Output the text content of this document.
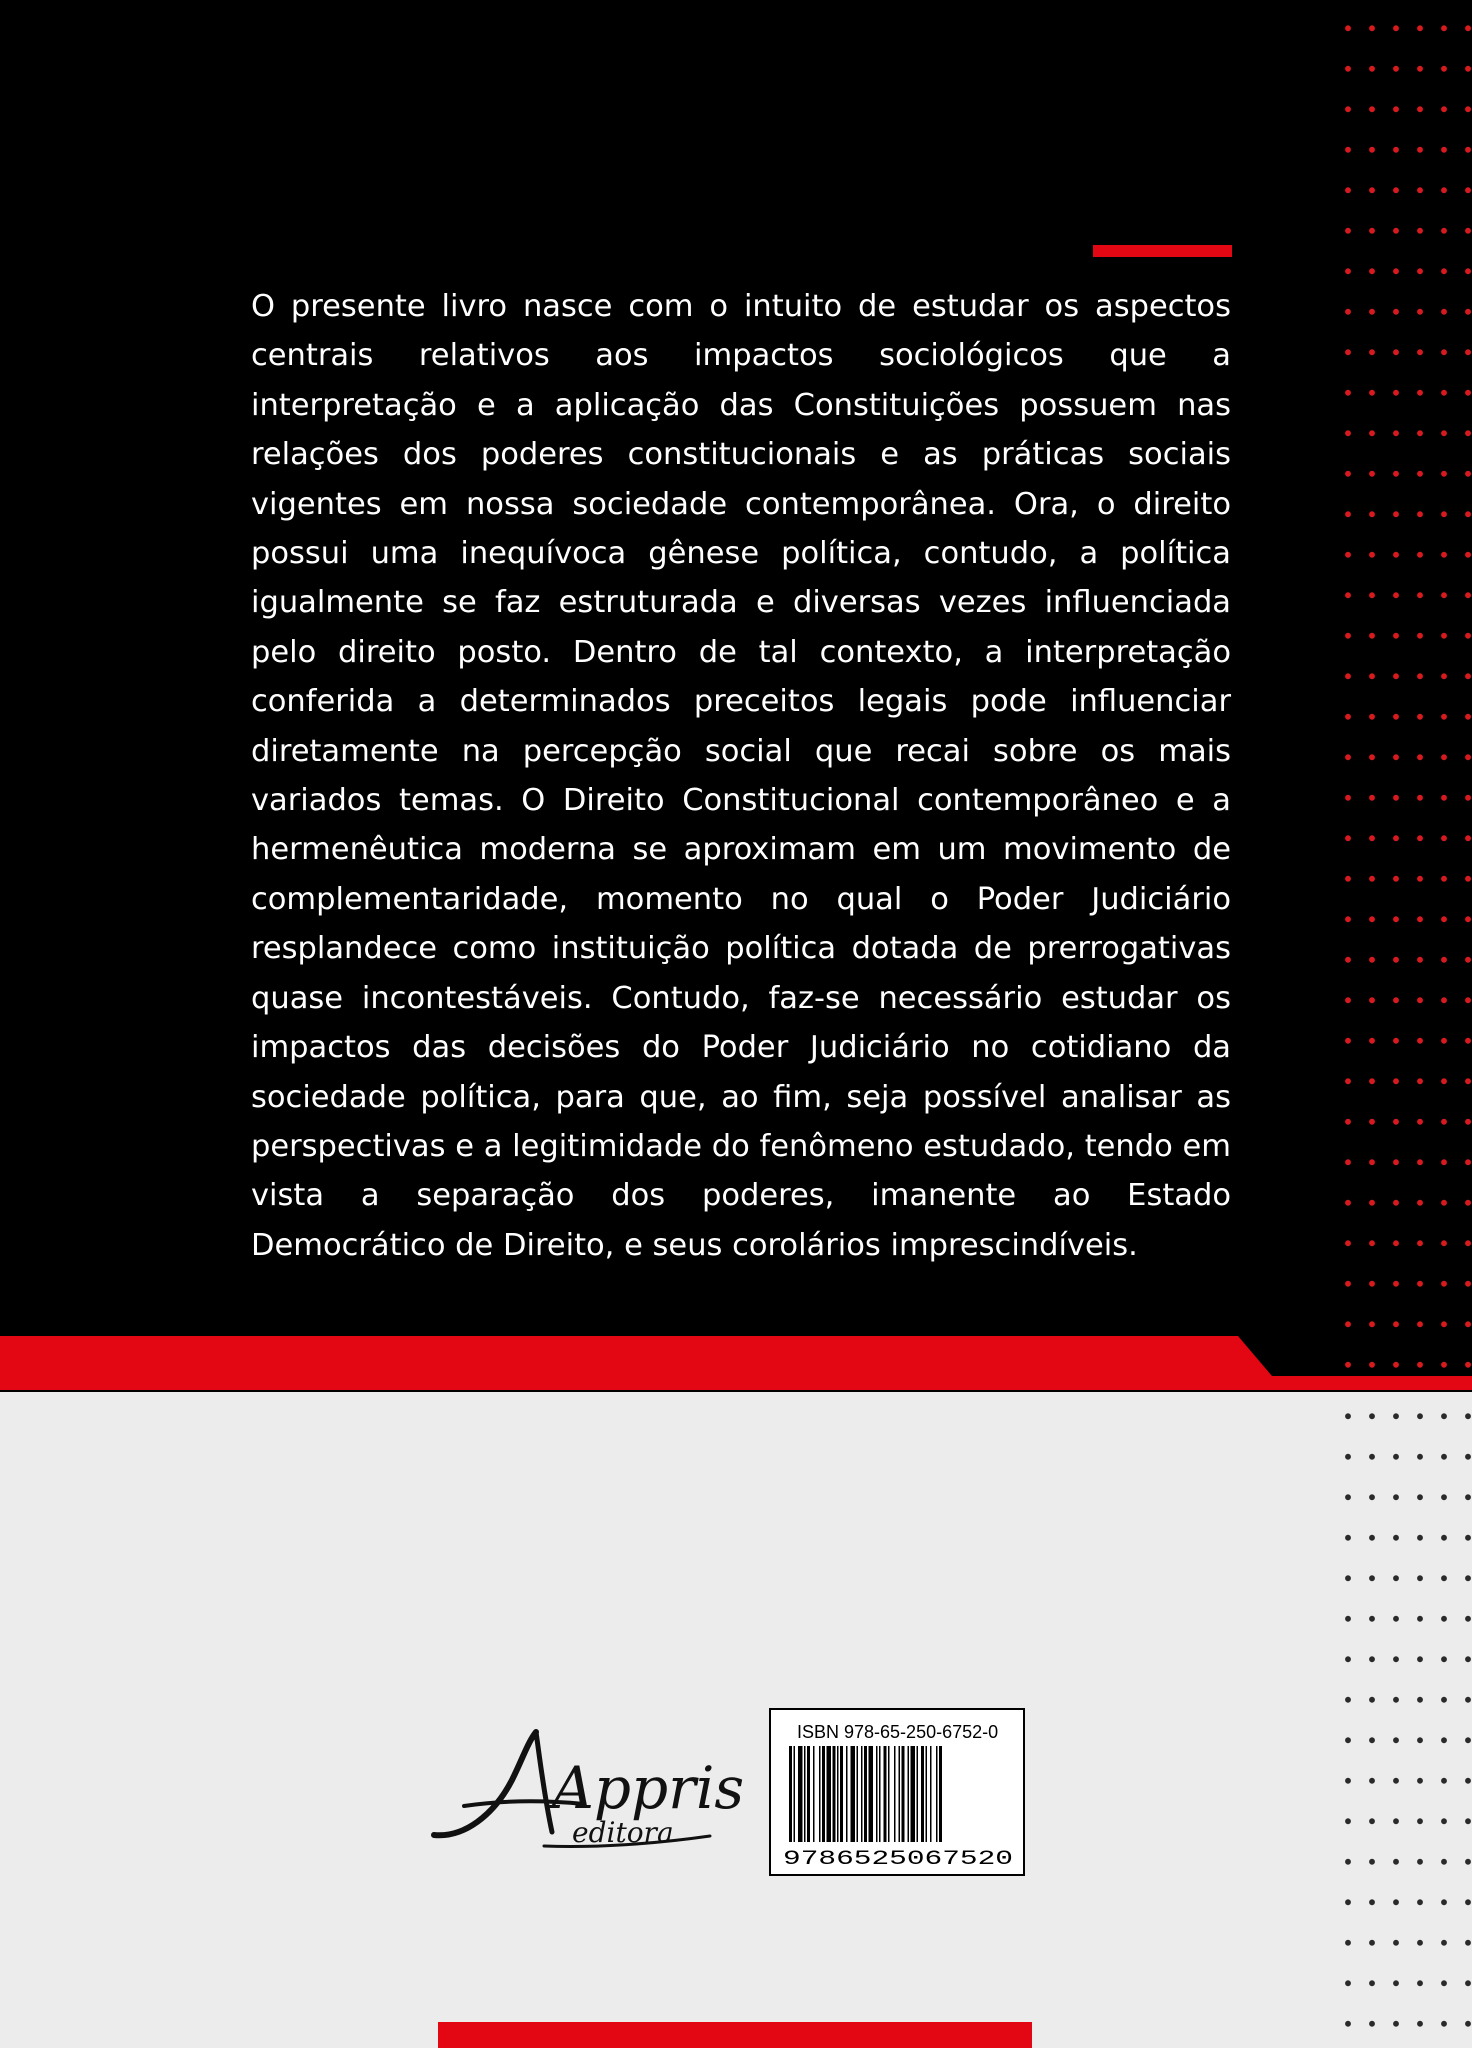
O presente livro nasce com o intuito de estudar os aspectos centrais relativos aos impactos sociológicos que a interpretação e a aplicação das Constituições possuem nas relações dos poderes constitucionais e as práticas sociais vigentes em nossa sociedade contemporânea. Ora, o direito possui uma inequívoca gênese política, contudo, a política igualmente se faz estruturada e diversas vezes influenciada pelo direito posto. Dentro de tal contexto, a interpretação conferida a determinados preceitos legais pode influenciar diretamente na percepção social que recai sobre os mais variados temas. O Direito Constitucional contemporâneo e a hermenêutica moderna se aproximam em um movimento de complementaridade, momento no qual o Poder Judiciário resplandece como instituição política dotada de prerrogativas quase incontestáveis. Contudo, faz-se necessário estudar os impactos das decisões do Poder Judiciário no cotidiano da sociedade política, para que, ao fim, seja possível analisar as perspectivas e a legitimidade do fenômeno estudado, tendo em vista a separação dos poderes, imanente ao Estado Democrático de Direito, e seus corolários imprescindíveis.

Appris
editora
ISBN 978-65-250-6752-0
9786525067520
